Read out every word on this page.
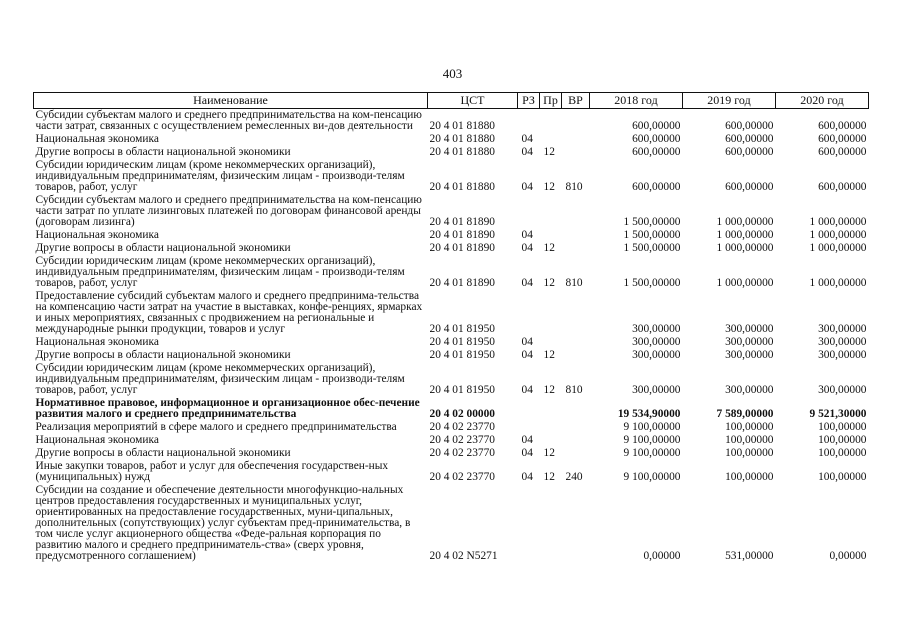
403
Наименование	ЦСТ	РЗ	Пр	ВР	2018 год	2019 год	2020 год
Субсидии субъектам малого и среднего предпринимательства на ком-пенсацию части затрат, связанных с осуществлением ремесленных ви-дов деятельности	20 4 01 81880				600,00000	600,00000	600,00000
Национальная экономика	20 4 01 81880	04			600,00000	600,00000	600,00000
Другие вопросы в области национальной экономики	20 4 01 81880	04	12		600,00000	600,00000	600,00000
Субсидии юридическим лицам (кроме некоммерческих организаций), индивидуальным предпринимателям, физическим лицам - производи-телям товаров, работ, услуг	20 4 01 81880	04	12	810	600,00000	600,00000	600,00000
Субсидии субъектам малого и среднего предпринимательства на ком-пенсацию части затрат по уплате лизинговых платежей по договорам финансовой аренды (договорам лизинга)	20 4 01 81890				1 500,00000	1 000,00000	1 000,00000
Национальная экономика	20 4 01 81890	04			1 500,00000	1 000,00000	1 000,00000
Другие вопросы в области национальной экономики	20 4 01 81890	04	12		1 500,00000	1 000,00000	1 000,00000
Субсидии юридическим лицам (кроме некоммерческих организаций), индивидуальным предпринимателям, физическим лицам - производи-телям товаров, работ, услуг	20 4 01 81890	04	12	810	1 500,00000	1 000,00000	1 000,00000
Предоставление субсидий субъектам малого и среднего предпринима-тельства на компенсацию части затрат на участие в выставках, конфе-ренциях, ярмарках и иных мероприятиях, связанных с продвижением на региональные и международные рынки продукции, товаров и услуг	20 4 01 81950				300,00000	300,00000	300,00000
Национальная экономика	20 4 01 81950	04			300,00000	300,00000	300,00000
Другие вопросы в области национальной экономики	20 4 01 81950	04	12		300,00000	300,00000	300,00000
Субсидии юридическим лицам (кроме некоммерческих организаций), индивидуальным предпринимателям, физическим лицам - производи-телям товаров, работ, услуг	20 4 01 81950	04	12	810	300,00000	300,00000	300,00000
Нормативное правовое, информационное и организационное обес-печение развития малого и среднего предпринимательства	20 4 02 00000				19 534,90000	7 589,00000	9 521,30000
Реализация мероприятий в сфере малого и среднего предпринимательства	20 4 02 23770				9 100,00000	100,00000	100,00000
Национальная экономика	20 4 02 23770	04			9 100,00000	100,00000	100,00000
Другие вопросы в области национальной экономики	20 4 02 23770	04	12		9 100,00000	100,00000	100,00000
Иные закупки товаров, работ и услуг для обеспечения государствен-ных (муниципальных) нужд	20 4 02 23770	04	12	240	9 100,00000	100,00000	100,00000
Субсидии на создание и обеспечение деятельности многофункцио-нальных центров предоставления государственных и муниципальных услуг, ориентированных на предоставление государственных, муни-ципальных, дополнительных (сопутствующих) услуг субъектам пред-принимательства, в том числе услуг акционерного общества «Феде-ральная корпорация по развитию малого и среднего предприниматель-ства» (сверх уровня, предусмотренного соглашением)	20 4 02 N5271				0,00000	531,00000	0,00000
